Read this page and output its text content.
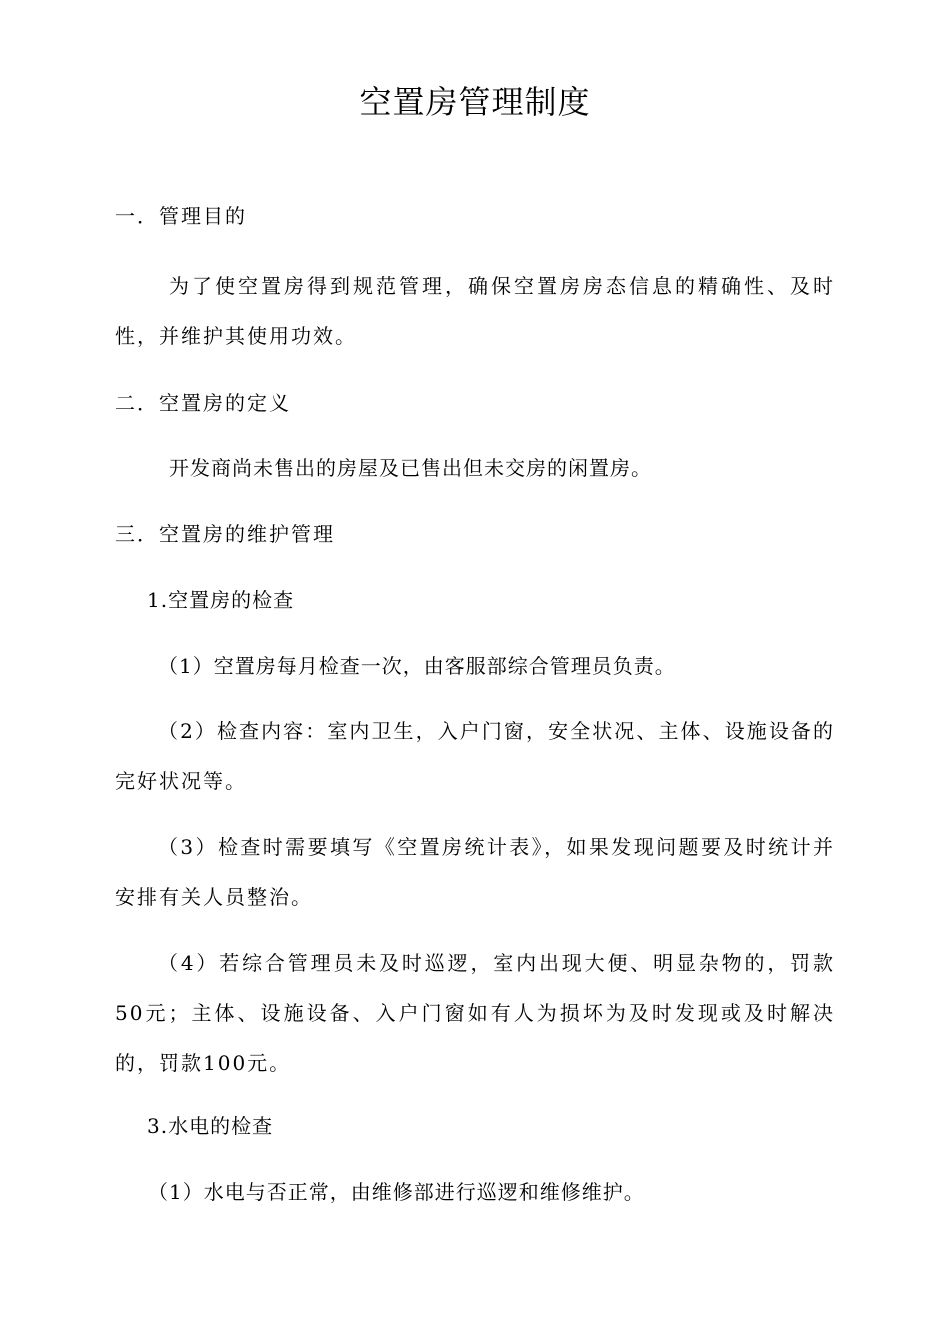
空置房管理制度
一．管理目的
为了使空置房得到规范管理，确保空置房房态信息的精确性、及时性，并维护其使用功效。
二．空置房的定义
开发商尚未售出的房屋及已售出但未交房的闲置房。
三．空置房的维护管理
1.空置房的检查
（1）空置房每月检查一次，由客服部综合管理员负责。
（2）检查内容：室内卫生，入户门窗，安全状况、主体、设施设备的完好状况等。
（3）检查时需要填写《空置房统计表》，如果发现问题要及时统计并安排有关人员整治。
（4）若综合管理员未及时巡逻，室内出现大便、明显杂物的，罚款50元；主体、设施设备、入户门窗如有人为损坏为及时发现或及时解决的，罚款100元。
3.水电的检查
（1）水电与否正常，由维修部进行巡逻和维修维护。
